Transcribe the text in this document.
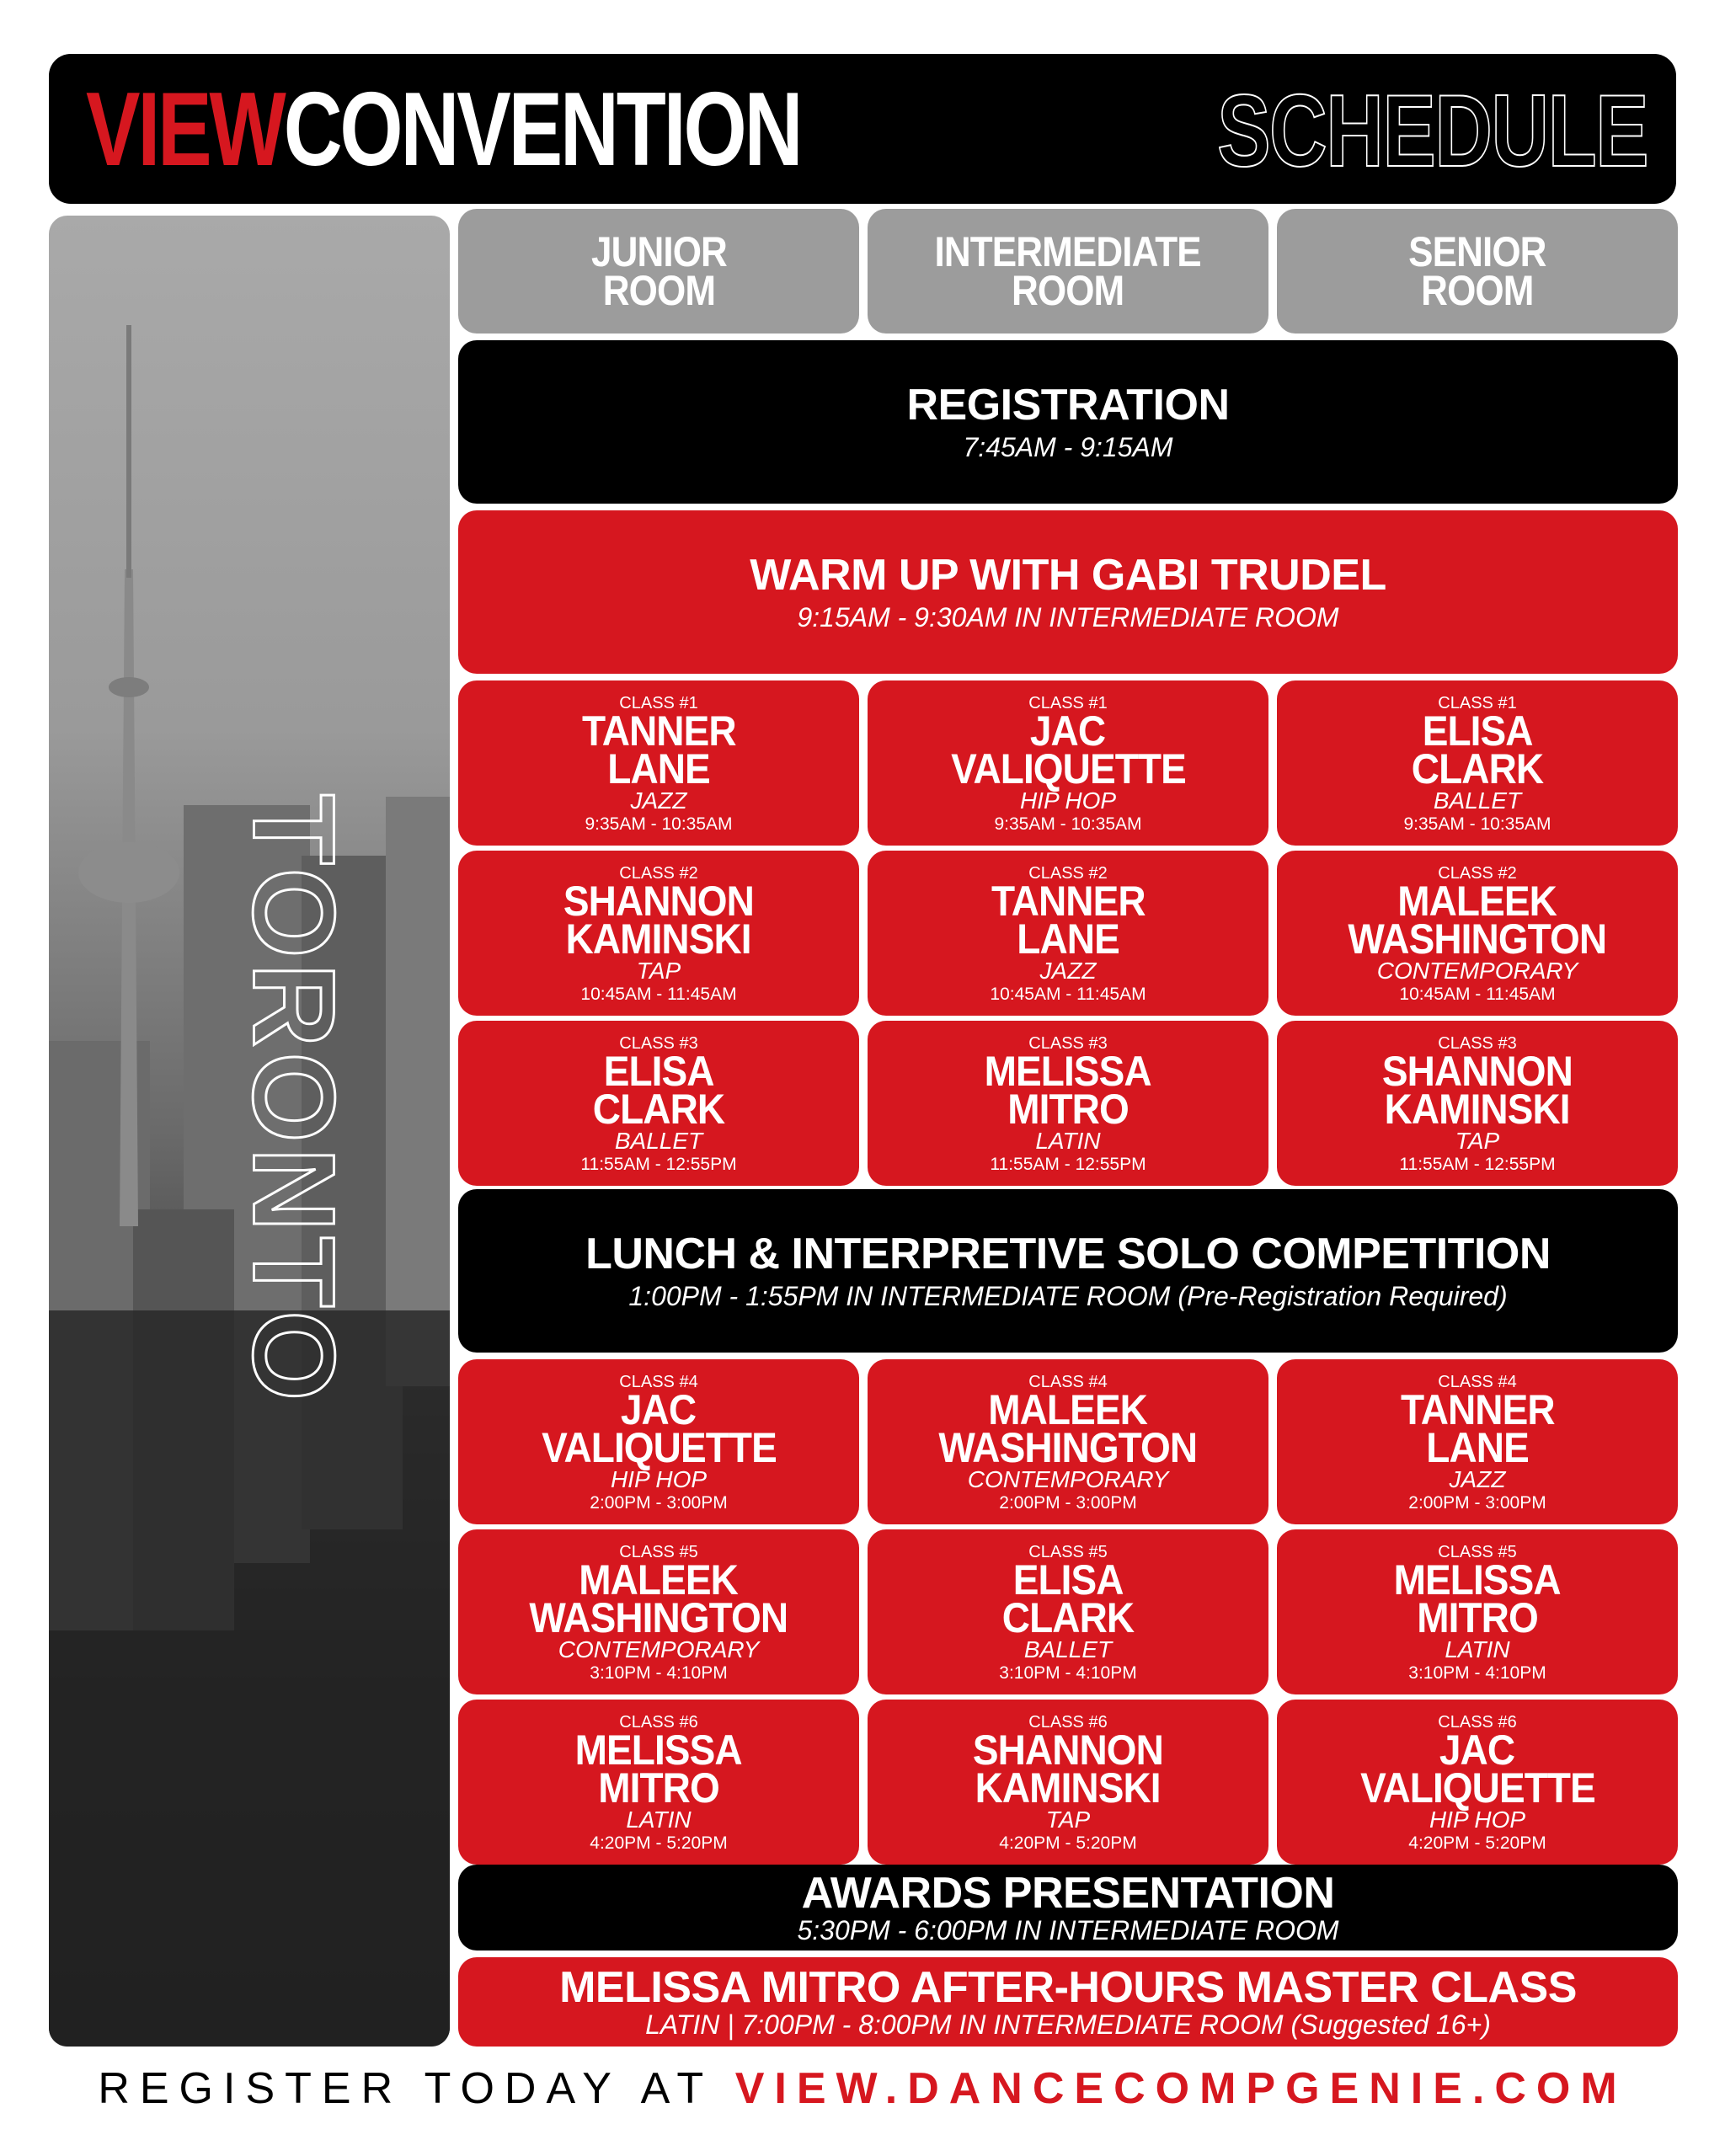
VIEWCONVENTION	SCHEDULE
TORONTO
JUNIOR
ROOM
INTERMEDIATE
ROOM
SENIOR
ROOM
REGISTRATION
7:45AM - 9:15AM
WARM UP WITH GABI TRUDEL
9:15AM - 9:30AM IN INTERMEDIATE ROOM
CLASS #1
TANNER
LANE
JAZZ
9:35AM - 10:35AM
CLASS #1
JAC
VALIQUETTE
HIP HOP
9:35AM - 10:35AM
CLASS #1
ELISA
CLARK
BALLET
9:35AM - 10:35AM
CLASS #2
SHANNON
KAMINSKI
TAP
10:45AM - 11:45AM
CLASS #2
TANNER
LANE
JAZZ
10:45AM - 11:45AM
CLASS #2
MALEEK
WASHINGTON
CONTEMPORARY
10:45AM - 11:45AM
CLASS #3
ELISA
CLARK
BALLET
11:55AM - 12:55PM
CLASS #3
MELISSA
MITRO
LATIN
11:55AM - 12:55PM
CLASS #3
SHANNON
KAMINSKI
TAP
11:55AM - 12:55PM
LUNCH & INTERPRETIVE SOLO COMPETITION
1:00PM - 1:55PM IN INTERMEDIATE ROOM (Pre-Registration Required)
CLASS #4
JAC
VALIQUETTE
HIP HOP
2:00PM - 3:00PM
CLASS #4
MALEEK
WASHINGTON
CONTEMPORARY
2:00PM - 3:00PM
CLASS #4
TANNER
LANE
JAZZ
2:00PM - 3:00PM
CLASS #5
MALEEK
WASHINGTON
CONTEMPORARY
3:10PM - 4:10PM
CLASS #5
ELISA
CLARK
BALLET
3:10PM - 4:10PM
CLASS #5
MELISSA
MITRO
LATIN
3:10PM - 4:10PM
CLASS #6
MELISSA
MITRO
LATIN
4:20PM - 5:20PM
CLASS #6
SHANNON
KAMINSKI
TAP
4:20PM - 5:20PM
CLASS #6
JAC
VALIQUETTE
HIP HOP
4:20PM - 5:20PM
AWARDS PRESENTATION
5:30PM - 6:00PM IN INTERMEDIATE ROOM
MELISSA MITRO AFTER-HOURS MASTER CLASS
LATIN | 7:00PM - 8:00PM IN INTERMEDIATE ROOM (Suggested 16+)
REGISTER TODAY AT VIEW.DANCECOMPGENIE.COM
